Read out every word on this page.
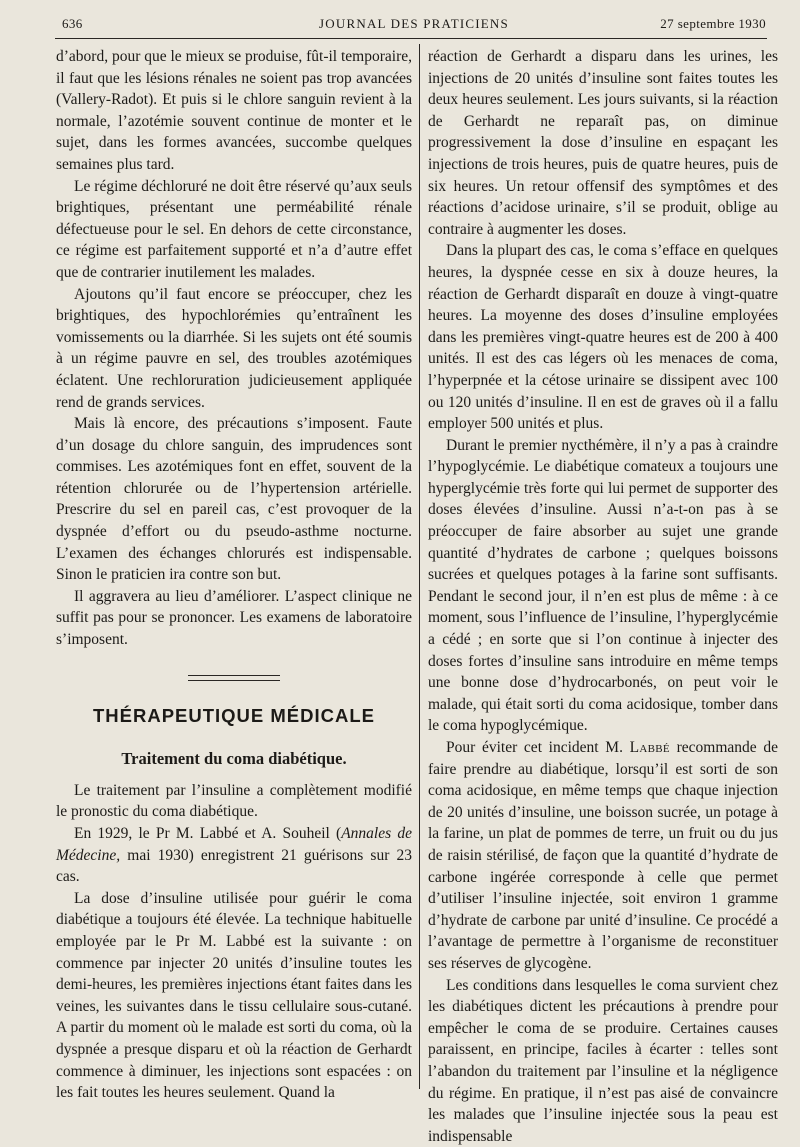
636	JOURNAL DES PRATICIENS	27 septembre 1930

d’abord, pour que le mieux se produise, fût-il temporaire, il faut que les lésions rénales ne soient pas trop avancées (Vallery-Radot). Et puis si le chlore sanguin revient à la normale, l’azotémie souvent continue de monter et le sujet, dans les formes avancées, succombe quelques semaines plus tard.

Le régime déchloruré ne doit être réservé qu’aux seuls brightiques, présentant une perméabilité rénale défectueuse pour le sel. En dehors de cette circonstance, ce régime est parfaitement supporté et n’a d’autre effet que de contrarier inutilement les malades.

Ajoutons qu’il faut encore se préoccuper, chez les brightiques, des hypochlorémies qu’entraînent les vomissements ou la diarrhée. Si les sujets ont été soumis à un régime pauvre en sel, des troubles azotémiques éclatent. Une rechloruration judicieusement appliquée rend de grands services.

Mais là encore, des précautions s’imposent. Faute d’un dosage du chlore sanguin, des imprudences sont commises. Les azotémiques font en effet, souvent de la rétention chlorurée ou de l’hypertension artérielle. Prescrire du sel en pareil cas, c’est provoquer de la dyspnée d’effort ou du pseudo-asthme nocturne. L’examen des échanges chlorurés est indispensable. Sinon le praticien ira contre son but.

Il aggravera au lieu d’améliorer. L’aspect clinique ne suffit pas pour se prononcer. Les examens de laboratoire s’imposent.

THÉRAPEUTIQUE MÉDICALE
Traitement du coma diabétique.

Le traitement par l’insuline a complètement modifié le pronostic du coma diabétique.

En 1929, le Pr M. Labbé et A. Souheil (Annales de Médecine, mai 1930) enregistrent 21 guérisons sur 23 cas.

La dose d’insuline utilisée pour guérir le coma diabétique a toujours été élevée. La technique habituelle employée par le Pr M. Labbé est la suivante : on commence par injecter 20 unités d’insuline toutes les demi-heures, les premières injections étant faites dans les veines, les suivantes dans le tissu cellulaire sous-cutané. A partir du moment où le malade est sorti du coma, où la dyspnée a presque disparu et où la réaction de Gerhardt commence à diminuer, les injections sont espacées : on les fait toutes les heures seulement. Quand la

réaction de Gerhardt a disparu dans les urines, les injections de 20 unités d’insuline sont faites toutes les deux heures seulement. Les jours suivants, si la réaction de Gerhardt ne reparaît pas, on diminue progressivement la dose d’insuline en espaçant les injections de trois heures, puis de quatre heures, puis de six heures. Un retour offensif des symptômes et des réactions d’acidose urinaire, s’il se produit, oblige au contraire à augmenter les doses.

Dans la plupart des cas, le coma s’efface en quelques heures, la dyspnée cesse en six à douze heures, la réaction de Gerhardt disparaît en douze à vingt-quatre heures. La moyenne des doses d’insuline employées dans les premières vingt-quatre heures est de 200 à 400 unités. Il est des cas légers où les menaces de coma, l’hyperpnée et la cétose urinaire se dissipent avec 100 ou 120 unités d’insuline. Il en est de graves où il a fallu employer 500 unités et plus.

Durant le premier nycthémère, il n’y a pas à craindre l’hypoglycémie. Le diabétique comateux a toujours une hyperglycémie très forte qui lui permet de supporter des doses élevées d’insuline. Aussi n’a-t-on pas à se préoccuper de faire absorber au sujet une grande quantité d’hydrates de carbone ; quelques boissons sucrées et quelques potages à la farine sont suffisants. Pendant le second jour, il n’en est plus de même : à ce moment, sous l’influence de l’insuline, l’hyperglycémie a cédé ; en sorte que si l’on continue à injecter des doses fortes d’insuline sans introduire en même temps une bonne dose d’hydrocarbonés, on peut voir le malade, qui était sorti du coma acidosique, tomber dans le coma hypoglycémique.

Pour éviter cet incident M. Labbé recommande de faire prendre au diabétique, lorsqu’il est sorti de son coma acidosique, en même temps que chaque injection de 20 unités d’insuline, une boisson sucrée, un potage à la farine, un plat de pommes de terre, un fruit ou du jus de raisin stérilisé, de façon que la quantité d’hydrate de carbone ingérée corresponde à celle que permet d’utiliser l’insuline injectée, soit environ 1 gramme d’hydrate de carbone par unité d’insuline. Ce procédé a l’avantage de permettre à l’organisme de reconstituer ses réserves de glycogène.

Les conditions dans lesquelles le coma survient chez les diabétiques dictent les précautions à prendre pour empêcher le coma de se produire. Certaines causes paraissent, en principe, faciles à écarter : telles sont l’abandon du traitement par l’insuline et la négligence du régime. En pratique, il n’est pas aisé de convaincre les malades que l’insuline injectée sous la peau est indispensable
